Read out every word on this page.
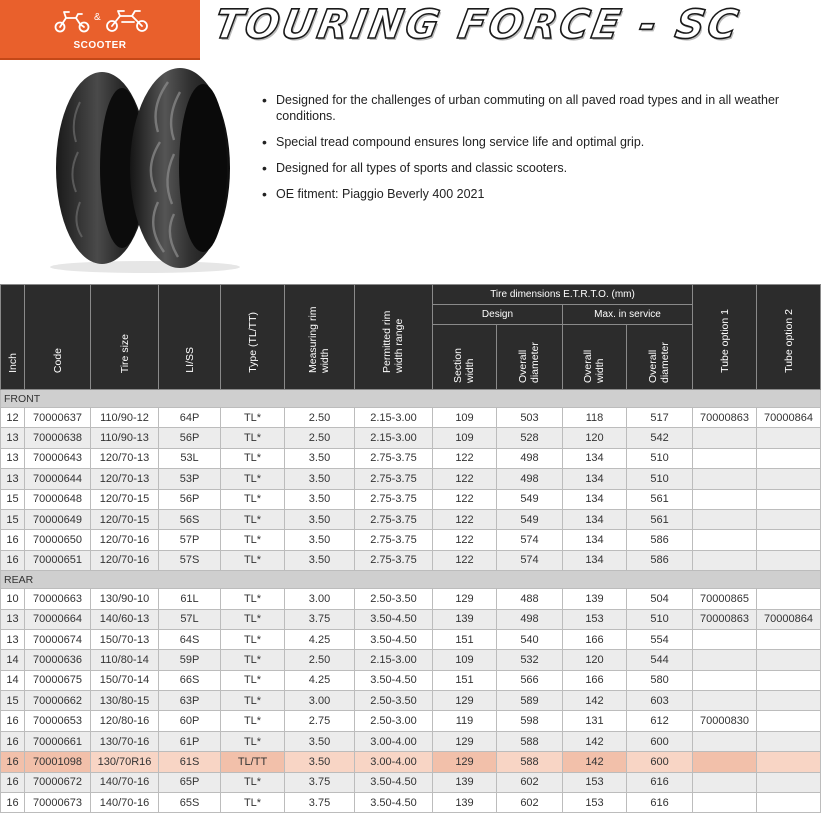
&
SCOOTER	TOURING FORCE - SC
• Designed for the challenges of urban commuting on all paved road types and in all weather conditions.
• Special tread compound ensures long service life and optimal grip.
• Designed for all types of sports and classic scooters.
• OE fitment: Piaggio Beverly 400 2021
Inch	Code	Tire size	LI/SS	Type (TL/TT)	Measuring rim width	Permitted rim width range	Tire dimensions E.T.R.T.O. (mm)				Tube option 1	Tube option 2

							Design		Max. in service			

							Section width	Overall diameter	Overall width	Overall diameter		

FRONT												
12	70000637	110/90-12	64P	TL*	2.50	2.15-3.00	109	503	118	517	70000863	70000864
13	70000638	110/90-13	56P	TL*	2.50	2.15-3.00	109	528	120	542		
13	70000643	120/70-13	53L	TL*	3.50	2.75-3.75	122	498	134	510		
13	70000644	120/70-13	53P	TL*	3.50	2.75-3.75	122	498	134	510		
15	70000648	120/70-15	56P	TL*	3.50	2.75-3.75	122	549	134	561		
15	70000649	120/70-15	56S	TL*	3.50	2.75-3.75	122	549	134	561		
16	70000650	120/70-16	57P	TL*	3.50	2.75-3.75	122	574	134	586		
16	70000651	120/70-16	57S	TL*	3.50	2.75-3.75	122	574	134	586		
REAR												
10	70000663	130/90-10	61L	TL*	3.00	2.50-3.50	129	488	139	504	70000865	
13	70000664	140/60-13	57L	TL*	3.75	3.50-4.50	139	498	153	510	70000863	70000864
13	70000674	150/70-13	64S	TL*	4.25	3.50-4.50	151	540	166	554		
14	70000636	110/80-14	59P	TL*	2.50	2.15-3.00	109	532	120	544		
14	70000675	150/70-14	66S	TL*	4.25	3.50-4.50	151	566	166	580		
15	70000662	130/80-15	63P	TL*	3.00	2.50-3.50	129	589	142	603		
16	70000653	120/80-16	60P	TL*	2.75	2.50-3.00	119	598	131	612	70000830	
16	70000661	130/70-16	61P	TL*	3.50	3.00-4.00	129	588	142	600		
16	70001098	130/70R16	61S	TL/TT	3.50	3.00-4.00	129	588	142	600		
16	70000672	140/70-16	65P	TL*	3.75	3.50-4.50	139	602	153	616		
16	70000673	140/70-16	65S	TL*	3.75	3.50-4.50	139	602	153	616		
